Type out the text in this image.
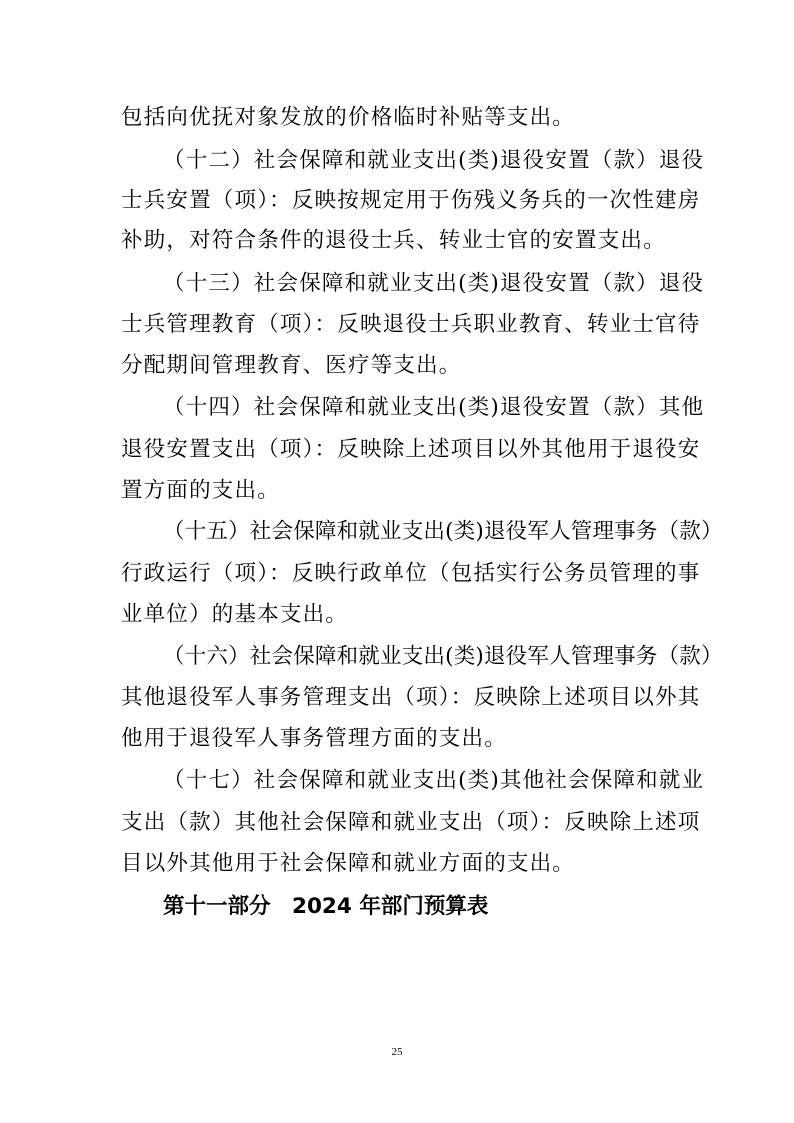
包括向优抚对象发放的价格临时补贴等支出。
（十二）社会保障和就业支出(类)退役安置（款）退役
士兵安置（项）：反映按规定用于伤残义务兵的一次性建房
补助，对符合条件的退役士兵、转业士官的安置支出。
（十三）社会保障和就业支出(类)退役安置（款）退役
士兵管理教育（项）：反映退役士兵职业教育、转业士官待
分配期间管理教育、医疗等支出。
（十四）社会保障和就业支出(类)退役安置（款）其他
退役安置支出（项）：反映除上述项目以外其他用于退役安
置方面的支出。
（十五）社会保障和就业支出(类)退役军人管理事务（款）
行政运行（项）：反映行政单位（包括实行公务员管理的事
业单位）的基本支出。
（十六）社会保障和就业支出(类)退役军人管理事务（款）
其他退役军人事务管理支出（项）：反映除上述项目以外其
他用于退役军人事务管理方面的支出。
（十七）社会保障和就业支出(类)其他社会保障和就业
支出（款）其他社会保障和就业支出（项）：反映除上述项
目以外其他用于社会保障和就业方面的支出。
第十一部分　2024 年部门预算表
25
